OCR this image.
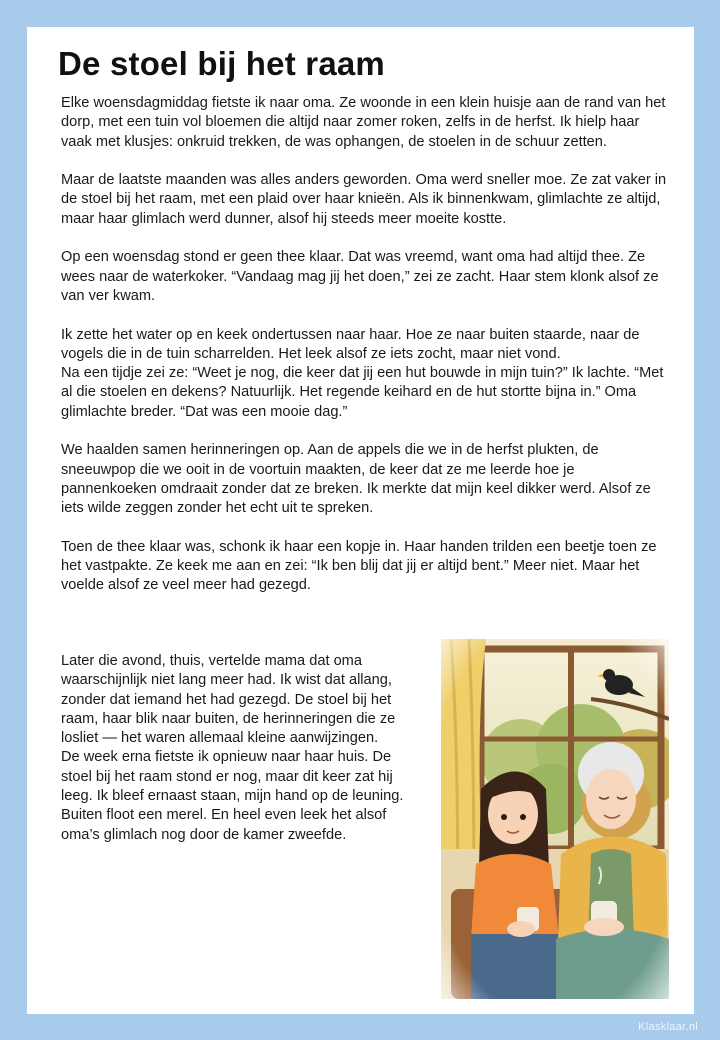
De stoel bij het raam

Elke woensdagmiddag fietste ik naar oma. Ze woonde in een klein huisje aan de rand van het dorp, met een tuin vol bloemen die altijd naar zomer roken, zelfs in de herfst. Ik hielp haar vaak met klusjes: onkruid trekken, de was ophangen, de stoelen in de schuur zetten.

Maar de laatste maanden was alles anders geworden. Oma werd sneller moe. Ze zat vaker in de stoel bij het raam, met een plaid over haar knieën. Als ik binnenkwam, glimlachte ze altijd, maar haar glimlach werd dunner, alsof hij steeds meer moeite kostte.

Op een woensdag stond er geen thee klaar. Dat was vreemd, want oma had altijd thee. Ze wees naar de waterkoker. “Vandaag mag jij het doen,” zei ze zacht. Haar stem klonk alsof ze van ver kwam.

Ik zette het water op en keek ondertussen naar haar. Hoe ze naar buiten staarde, naar de vogels die in de tuin scharrelden. Het leek alsof ze iets zocht, maar niet vond.

Na een tijdje zei ze: “Weet je nog, die keer dat jij een hut bouwde in mijn tuin?” Ik lachte. “Met al die stoelen en dekens? Natuurlijk. Het regende keihard en de hut stortte bijna in.” Oma glimlachte breder. “Dat was een mooie dag.”

We haalden samen herinneringen op. Aan de appels die we in de herfst plukten, de sneeuwpop die we ooit in de voortuin maakten, de keer dat ze me leerde hoe je pannenkoeken omdraait zonder dat ze breken. Ik merkte dat mijn keel dikker werd. Alsof ze iets wilde zeggen zonder het echt uit te spreken.

Toen de thee klaar was, schonk ik haar een kopje in. Haar handen trilden een beetje toen ze het vastpakte. Ze keek me aan en zei: “Ik ben blij dat jij er altijd bent.” Meer niet. Maar het voelde alsof ze veel meer had gezegd.

Later die avond, thuis, vertelde mama dat oma waarschijnlijk niet lang meer had. Ik wist dat allang, zonder dat iemand het had gezegd. De stoel bij het raam, haar blik naar buiten, de herinneringen die ze losliet — het waren allemaal kleine aanwijzingen.

De week erna fietste ik opnieuw naar haar huis. De stoel bij het raam stond er nog, maar dit keer zat hij leeg. Ik bleef ernaast staan, mijn hand op de leuning. Buiten floot een merel. En heel even leek het alsof oma’s glimlach nog door de kamer zweefde.

Klasklaar.nl
